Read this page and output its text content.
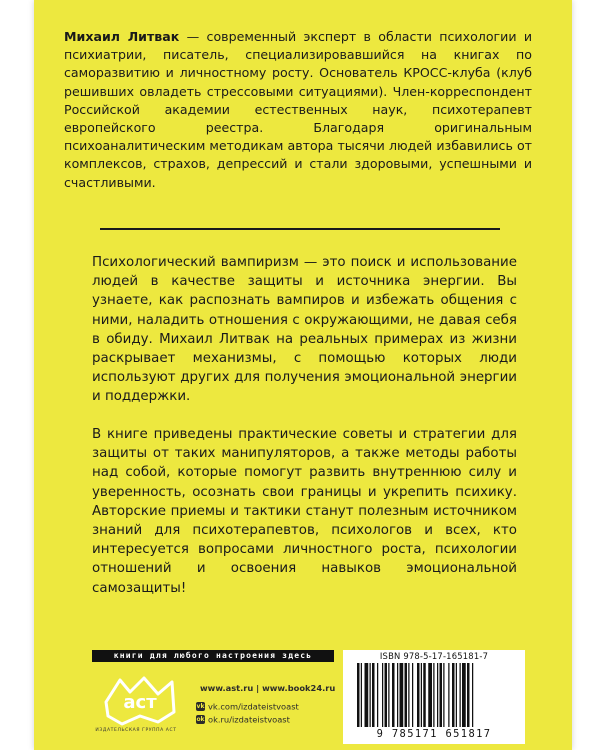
Михаил Литвак — современный эксперт в области психологии и психиатрии, писатель, специализировавшийся на книгах по саморазвитию и личностному росту. Основатель КРОСС-клуба (клуб решивших овладеть стрессовыми ситуациями). Член-корреспондент Российской академии естественных наук, психотерапевт европейского реестра. Благодаря оригинальным психоаналитическим методикам автора тысячи людей избавились от комплексов, страхов, депрессий и стали здоровыми, успешными и счастливыми.
Психологический вампиризм — это поиск и использование людей в качестве защиты и источника энергии. Вы узнаете, как распознать вампиров и избежать общения с ними, наладить отношения с окружающими, не давая себя в обиду. Михаил Литвак на реальных примерах из жизни раскрывает механизмы, с помощью которых люди используют других для получения эмоциональной энергии и поддержки.
В книге приведены практические советы и стратегии для защиты от таких манипуляторов, а также методы работы над собой, которые помогут развить внутреннюю силу и уверенность, осознать свои границы и укрепить психику. Авторские приемы и тактики станут полезным источником знаний для психотерапевтов, психологов и всех, кто интересуется вопросами личностного роста, психологии отношений и освоения навыков эмоциональной самозащиты!
книги для любого настроения здесь
аст
ИЗДАТЕЛЬСКАЯ ГРУППА АСТ
www.ast.ru | www.book24.ru
vk vk.com/izdateistvoast
ok ok.ru/izdateistvoast
ISBN 978-5-17-165181-7
9 785171 651817
